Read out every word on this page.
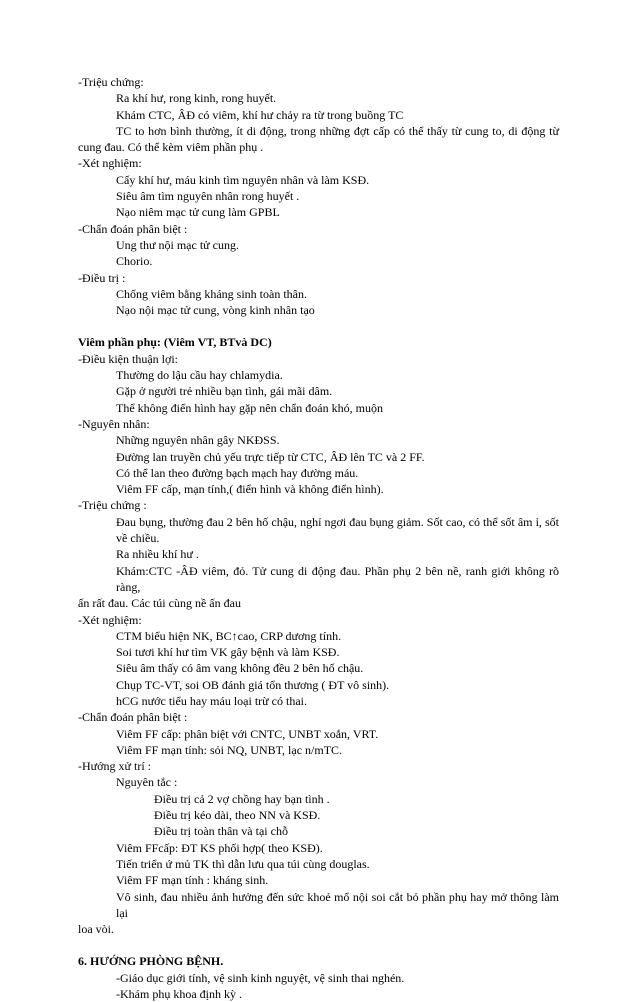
-Triệu chứng:

Ra khí hư, rong kinh, rong huyết.

Khám CTC, ÂĐ có viêm, khí hư chảy ra từ trong buồng TC

TC to hơn bình thường, ít di động, trong những đợt cấp có thể thấy từ cung to, di động từ

cung đau. Có thể kèm viêm phần phụ .

-Xét nghiệm:

Cấy khí hư, máu kinh tìm nguyên nhân và làm KSĐ.

Siêu âm tìm nguyên nhân rong huyết .

Nạo niêm mạc tử cung làm GPBL

-Chẩn đoán phân biệt :

Ung thư nội mạc tử cung.

Chorio.

-Điều trị :

Chống viêm bằng kháng sinh toàn thân.

Nạo nội mạc tử cung, vòng kinh nhân tạo

Viêm phần phụ: (Viêm VT, BTvà DC)

-Điều kiện thuận lợi:

Thường do lậu cầu hay chlamydia.

Gặp ở người trẻ nhiều bạn tình, gái mãi dâm.

Thể không điển hình hay gặp nên chẩn đoán khó, muộn

-Nguyên nhân:

Những nguyên nhân gây NKĐSS.

Đường lan truyền chủ yếu trực tiếp từ CTC, ÂĐ lên TC và 2 FF.

Có thể lan theo đường bạch mạch hay đường máu.

Viêm FF cấp, mạn tính,( điển hình và không điển hình).

-Triệu chứng :

Đau bụng, thường đau 2 bên hố chậu, nghỉ ngơi đau bụng giảm. Sốt cao, có thể sốt âm ỉ, sốt

về chiều.

Ra nhiều khí hư .

Khám:CTC -ÂĐ viêm, đỏ. Tử cung di động đau. Phần phụ 2 bên nề, ranh giới không rõ ràng,

ấn rất đau. Các túi cùng nề ấn đau

-Xét nghiệm:

CTM biểu hiện NK, BC↑cao, CRP dương tính.

Soi tươi khí hư tìm VK gây bệnh và làm KSĐ.

Siêu âm thấy có âm vang không đều 2 bên hố chậu.

Chụp TC-VT, soi OB đánh giá tổn thương ( ĐT vô sinh).

hCG nước tiểu hay máu loại trừ có thai.

-Chẩn đoán phân biệt :

Viêm FF cấp: phân biệt với CNTC, UNBT xoắn, VRT.

Viêm FF mạn tính: sỏi NQ, UNBT, lạc n/mTC.

-Hướng xử trí :

Nguyên tắc :

Điều trị cả 2 vợ chồng hay bạn tình .

Điều trị kéo dài, theo NN và KSĐ.

Điều trị toàn thân và tại chỗ

Viêm FFcấp: ĐT KS phối hợp( theo KSĐ).

Tiến triển ứ mủ TK thì dẫn lưu qua túi cùng douglas.

Viêm FF mạn tính : kháng sinh.

Vô sinh, đau nhiều ảnh hưởng đến sức khoẻ mổ nội soi cắt bỏ phần phụ hay mở thông làm lại

loa vòi.

6. HƯỚNG PHÒNG BỆNH.

-Giáo dục giới tính, vệ sinh kinh nguyệt, vệ sinh thai nghén.

-Khám phụ khoa định kỳ .
